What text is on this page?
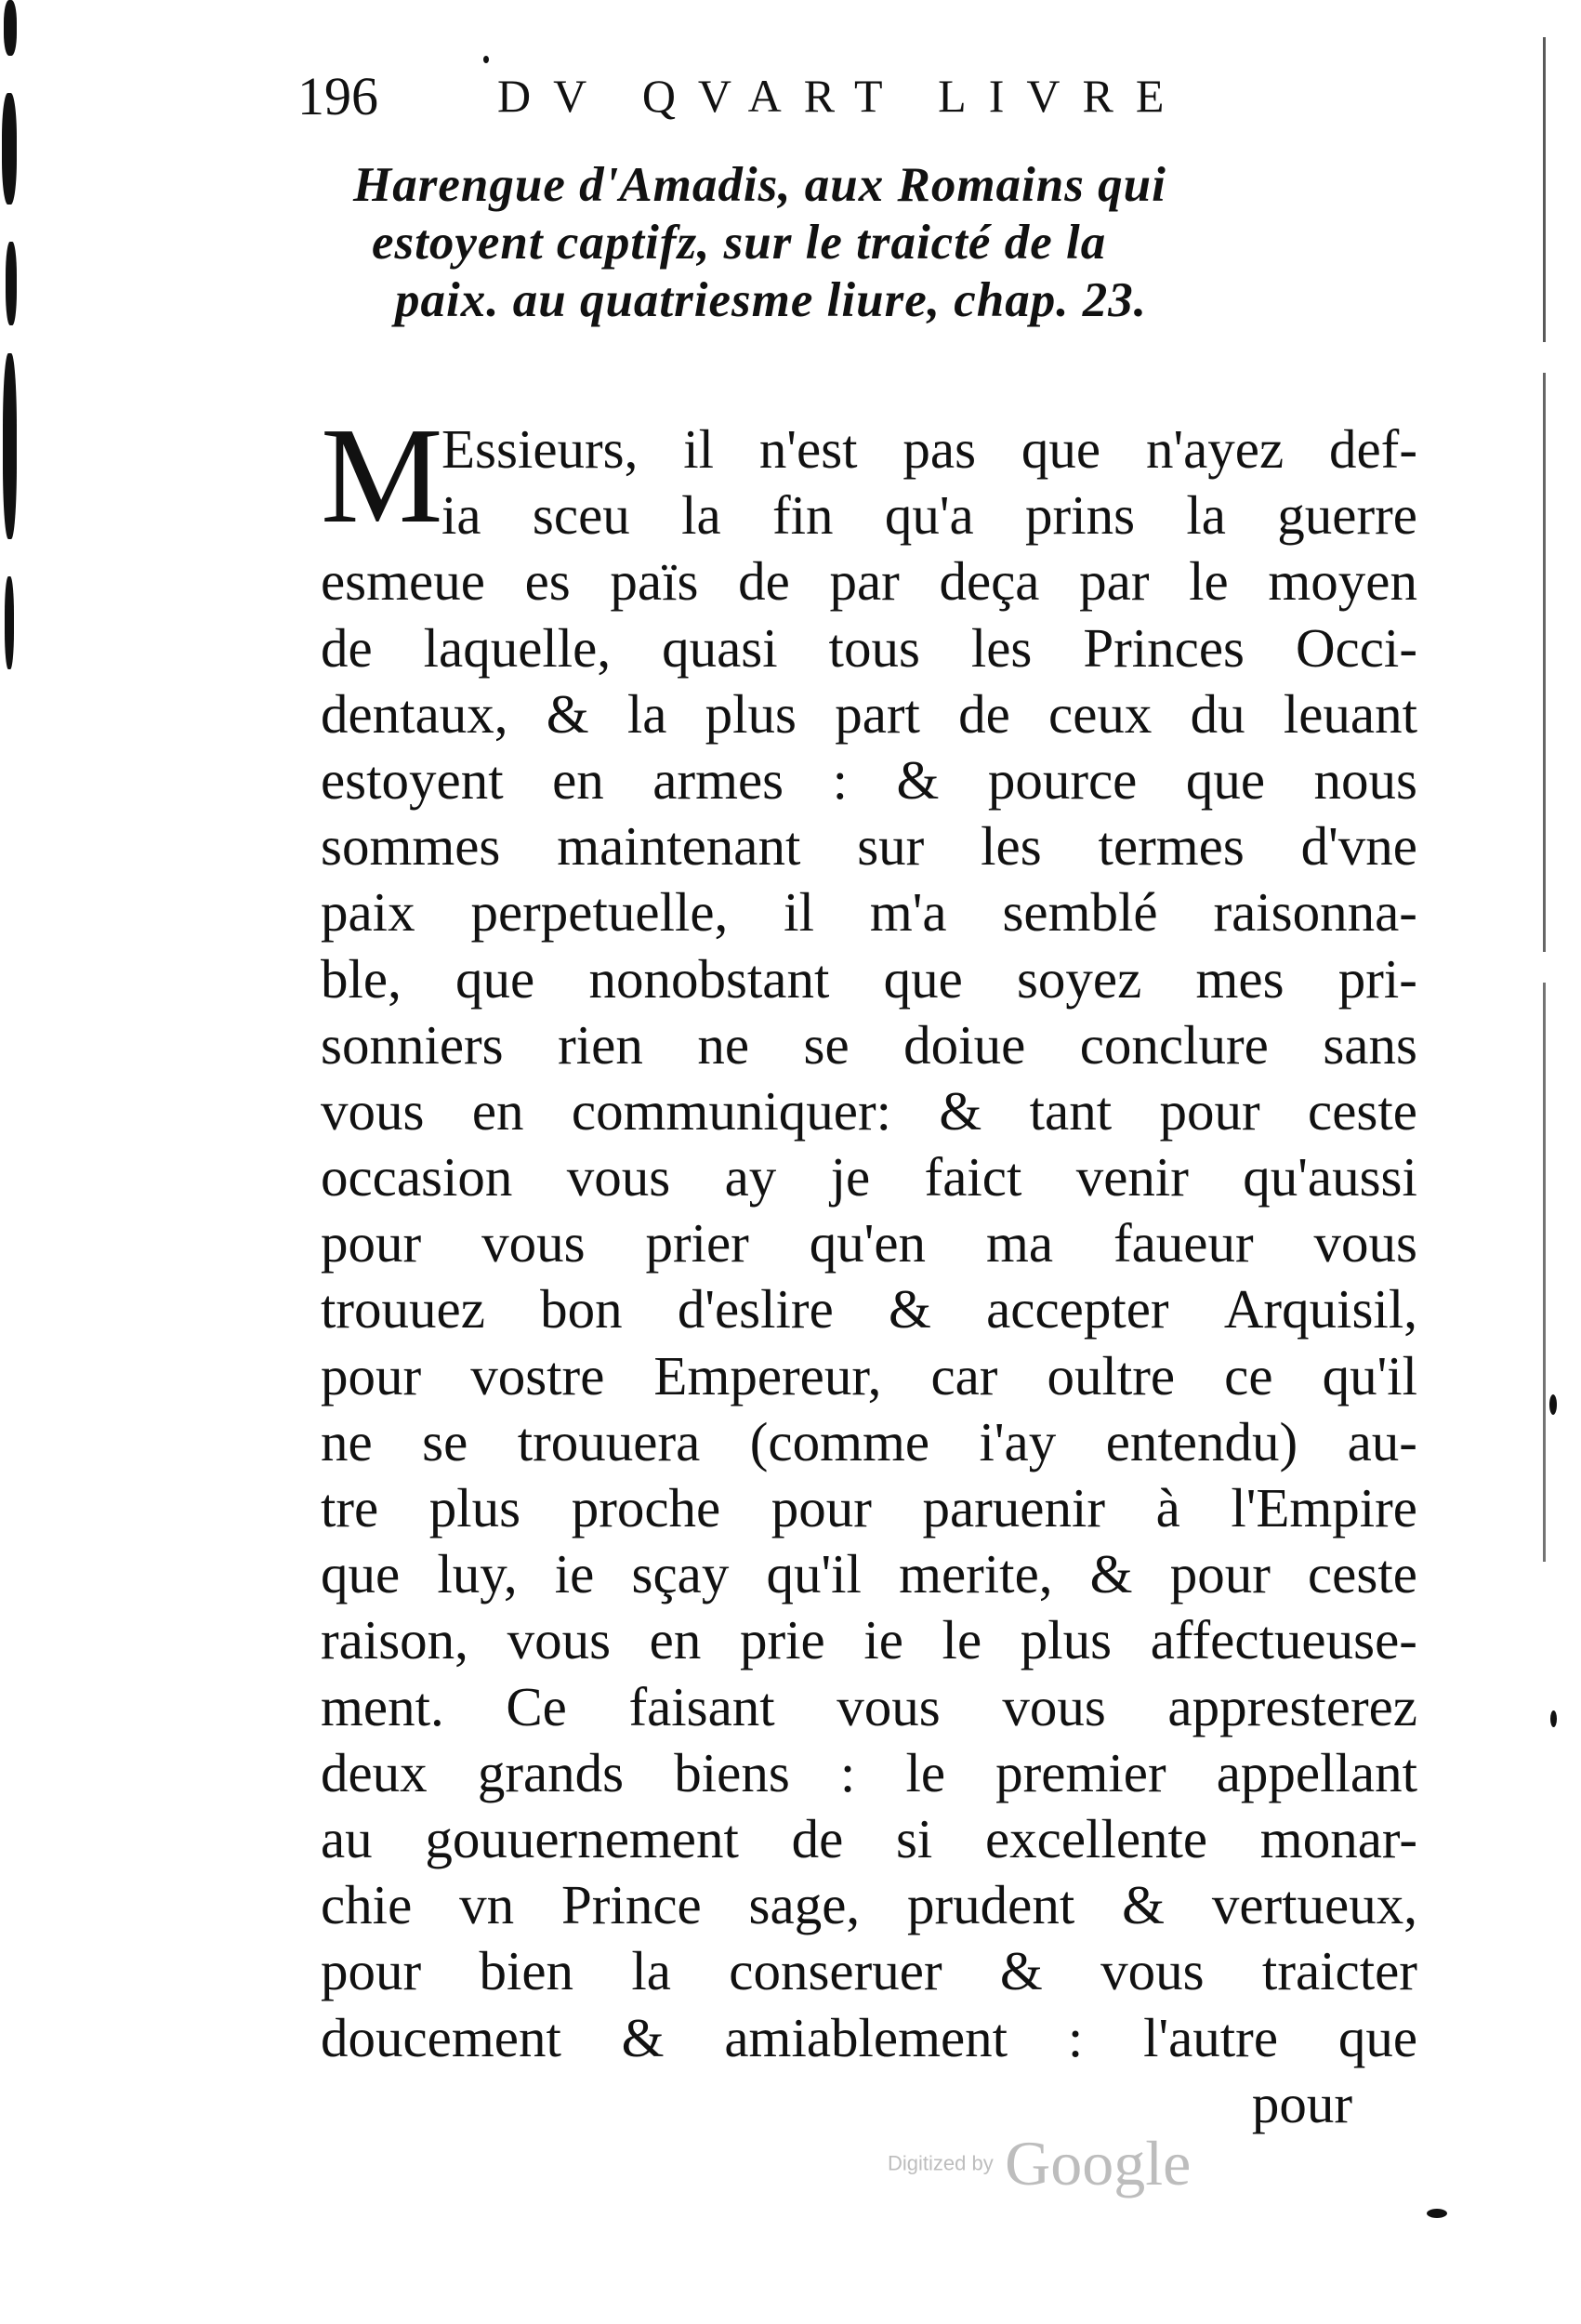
196	DV QVART LIVRE
Harengue d'Amadis, aux Romains qui
estoyent captifz, sur le traicté de la
paix. au quatriesme liure, chap. 23.
M
Essieurs, il n'est pas que n'ayez def-
ia sceu la fin qu'a prins la guerre
esmeue es païs de par deça par le moyen
de laquelle, quasi tous les Princes Occi-
dentaux, & la plus part de ceux du leuant
estoyent en armes : & pource que nous
sommes maintenant sur les termes d'vne
paix perpetuelle, il m'a semblé raisonna-
ble, que nonobstant que soyez mes pri-
sonniers rien ne se doiue conclure sans
vous en communiquer: & tant pour ceste
occasion vous ay je faict venir qu'aussi
pour vous prier qu'en ma faueur vous
trouuez bon d'eslire & accepter Arquisil,
pour vostre Empereur, car oultre ce qu'il
ne se trouuera (comme i'ay entendu) au-
tre plus proche pour paruenir à l'Empire
que luy, ie sçay qu'il merite, & pour ceste
raison, vous en prie ie le plus affectueuse-
ment. Ce faisant vous vous appresterez
deux grands biens : le premier appellant
au gouuernement de si excellente monar-
chie vn Prince sage, prudent & vertueux,
pour bien la conseruer & vous traicter
doucement & amiablement : l'autre que
pour
Digitized by Google
